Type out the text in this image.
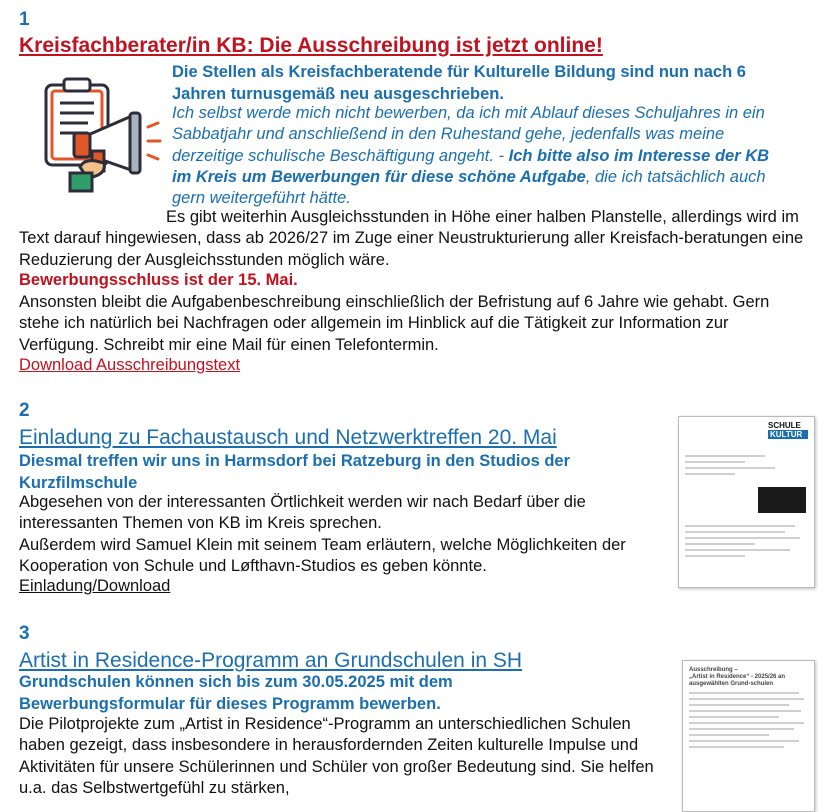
1
Kreisfachberater/in KB: Die Ausschreibung ist jetzt online!
Die Stellen als Kreisfachberatende für Kulturelle Bildung sind nun nach 6 Jahren turnusgemäß neu ausgeschrieben.
Ich selbst werde mich nicht bewerben, da ich mit Ablauf dieses Schuljahres in ein Sabbatjahr und anschließend in den Ruhestand gehe, jedenfalls was meine derzeitige schulische Beschäftigung angeht. - Ich bitte also im Interesse der KB im Kreis um Bewerbungen für diese schöne Aufgabe, die ich tatsächlich auch gern weitergeführt hätte.

Es gibt weiterhin Ausgleichsstunden in Höhe einer halben Planstelle, allerdings wird im Text darauf hingewiesen, dass ab 2026/27 im Zuge einer Neustrukturierung aller Kreisfach-beratungen eine Reduzierung der Ausgleichsstunden möglich wäre.

Bewerbungsschluss ist der 15. Mai.

Ansonsten bleibt die Aufgabenbeschreibung einschließlich der Befristung auf 6 Jahre wie gehabt. Gern stehe ich natürlich bei Nachfragen oder allgemein im Hinblick auf die Tätigkeit zur Information zur Verfügung. Schreibt mir eine Mail für einen Telefontermin.

Download Ausschreibungstext
2
Einladung zu Fachaustausch und Netzwerktreffen 20. Mai
Diesmal treffen wir uns in Harmsdorf bei Ratzeburg in den Studios der Kurzfilmschule

Abgesehen von der interessanten Örtlichkeit werden wir nach Bedarf über die interessanten Themen von KB im Kreis sprechen.

Außerdem wird Samuel Klein mit seinem Team erläutern, welche Möglichkeiten der Kooperation von Schule und Løfthavn-Studios es geben könnte.

Einladung/Download
SCHULE
KULTUR
3
Artist in Residence-Programm an Grundschulen in SH
Grundschulen können sich bis zum 30.05.2025 mit dem Bewerbungsformular für dieses Programm bewerben.

Die Pilotprojekte zum „Artist in Residence“-Programm an unterschiedlichen Schulen haben gezeigt, dass insbesondere in herausfordernden Zeiten kulturelle Impulse und Aktivitäten für unsere Schülerinnen und Schüler von großer Bedeutung sind. Sie helfen u.a. das Selbstwertgefühl zu stärken,

Ausschreibung –
„Artist in Residence“ - 2025/26 an ausgewählten Grund-schulen
